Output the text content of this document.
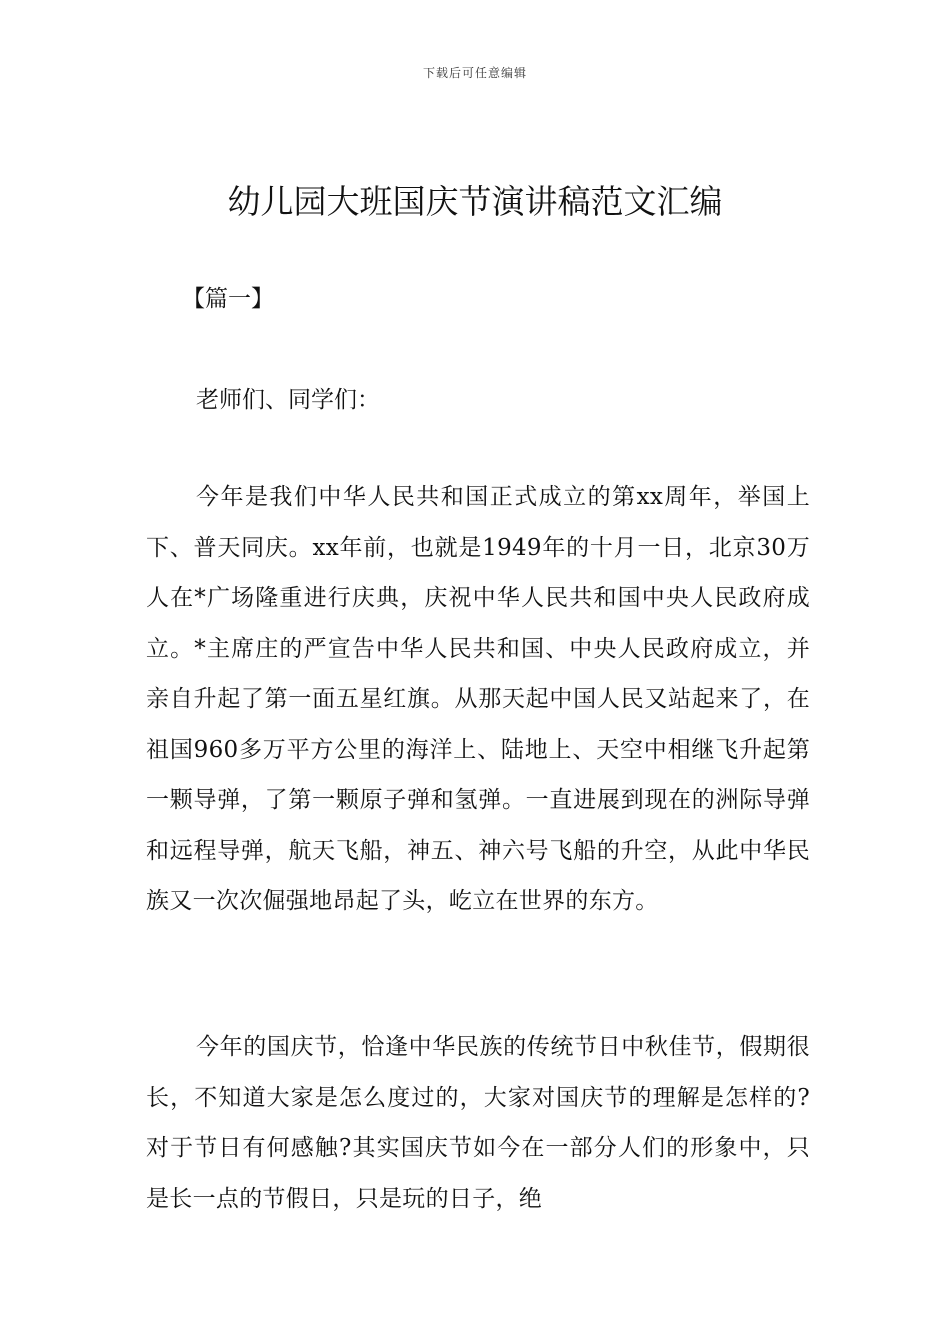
下载后可任意编辑
幼儿园大班国庆节演讲稿范文汇编
【篇一】
老师们、同学们：

今年是我们中华人民共和国正式成立的第xx周年，举国上下、普天同庆。xx年前，也就是1949年的十月一日，北京30万人在*广场隆重进行庆典，庆祝中华人民共和国中央人民政府成立。*主席庄的严宣告中华人民共和国、中央人民政府成立，并亲自升起了第一面五星红旗。从那天起中国人民又站起来了，在祖国960多万平方公里的海洋上、陆地上、天空中相继飞升起第一颗导弹，了第一颗原子弹和氢弹。一直进展到现在的洲际导弹和远程导弹，航天飞船，神五、神六号飞船的升空，从此中华民族又一次次倔强地昂起了头，屹立在世界的东方。

今年的国庆节，恰逢中华民族的传统节日中秋佳节，假期很长，不知道大家是怎么度过的，大家对国庆节的理解是怎样的?对于节日有何感触?其实国庆节如今在一部分人们的形象中，只是长一点的节假日，只是玩的日子，绝
